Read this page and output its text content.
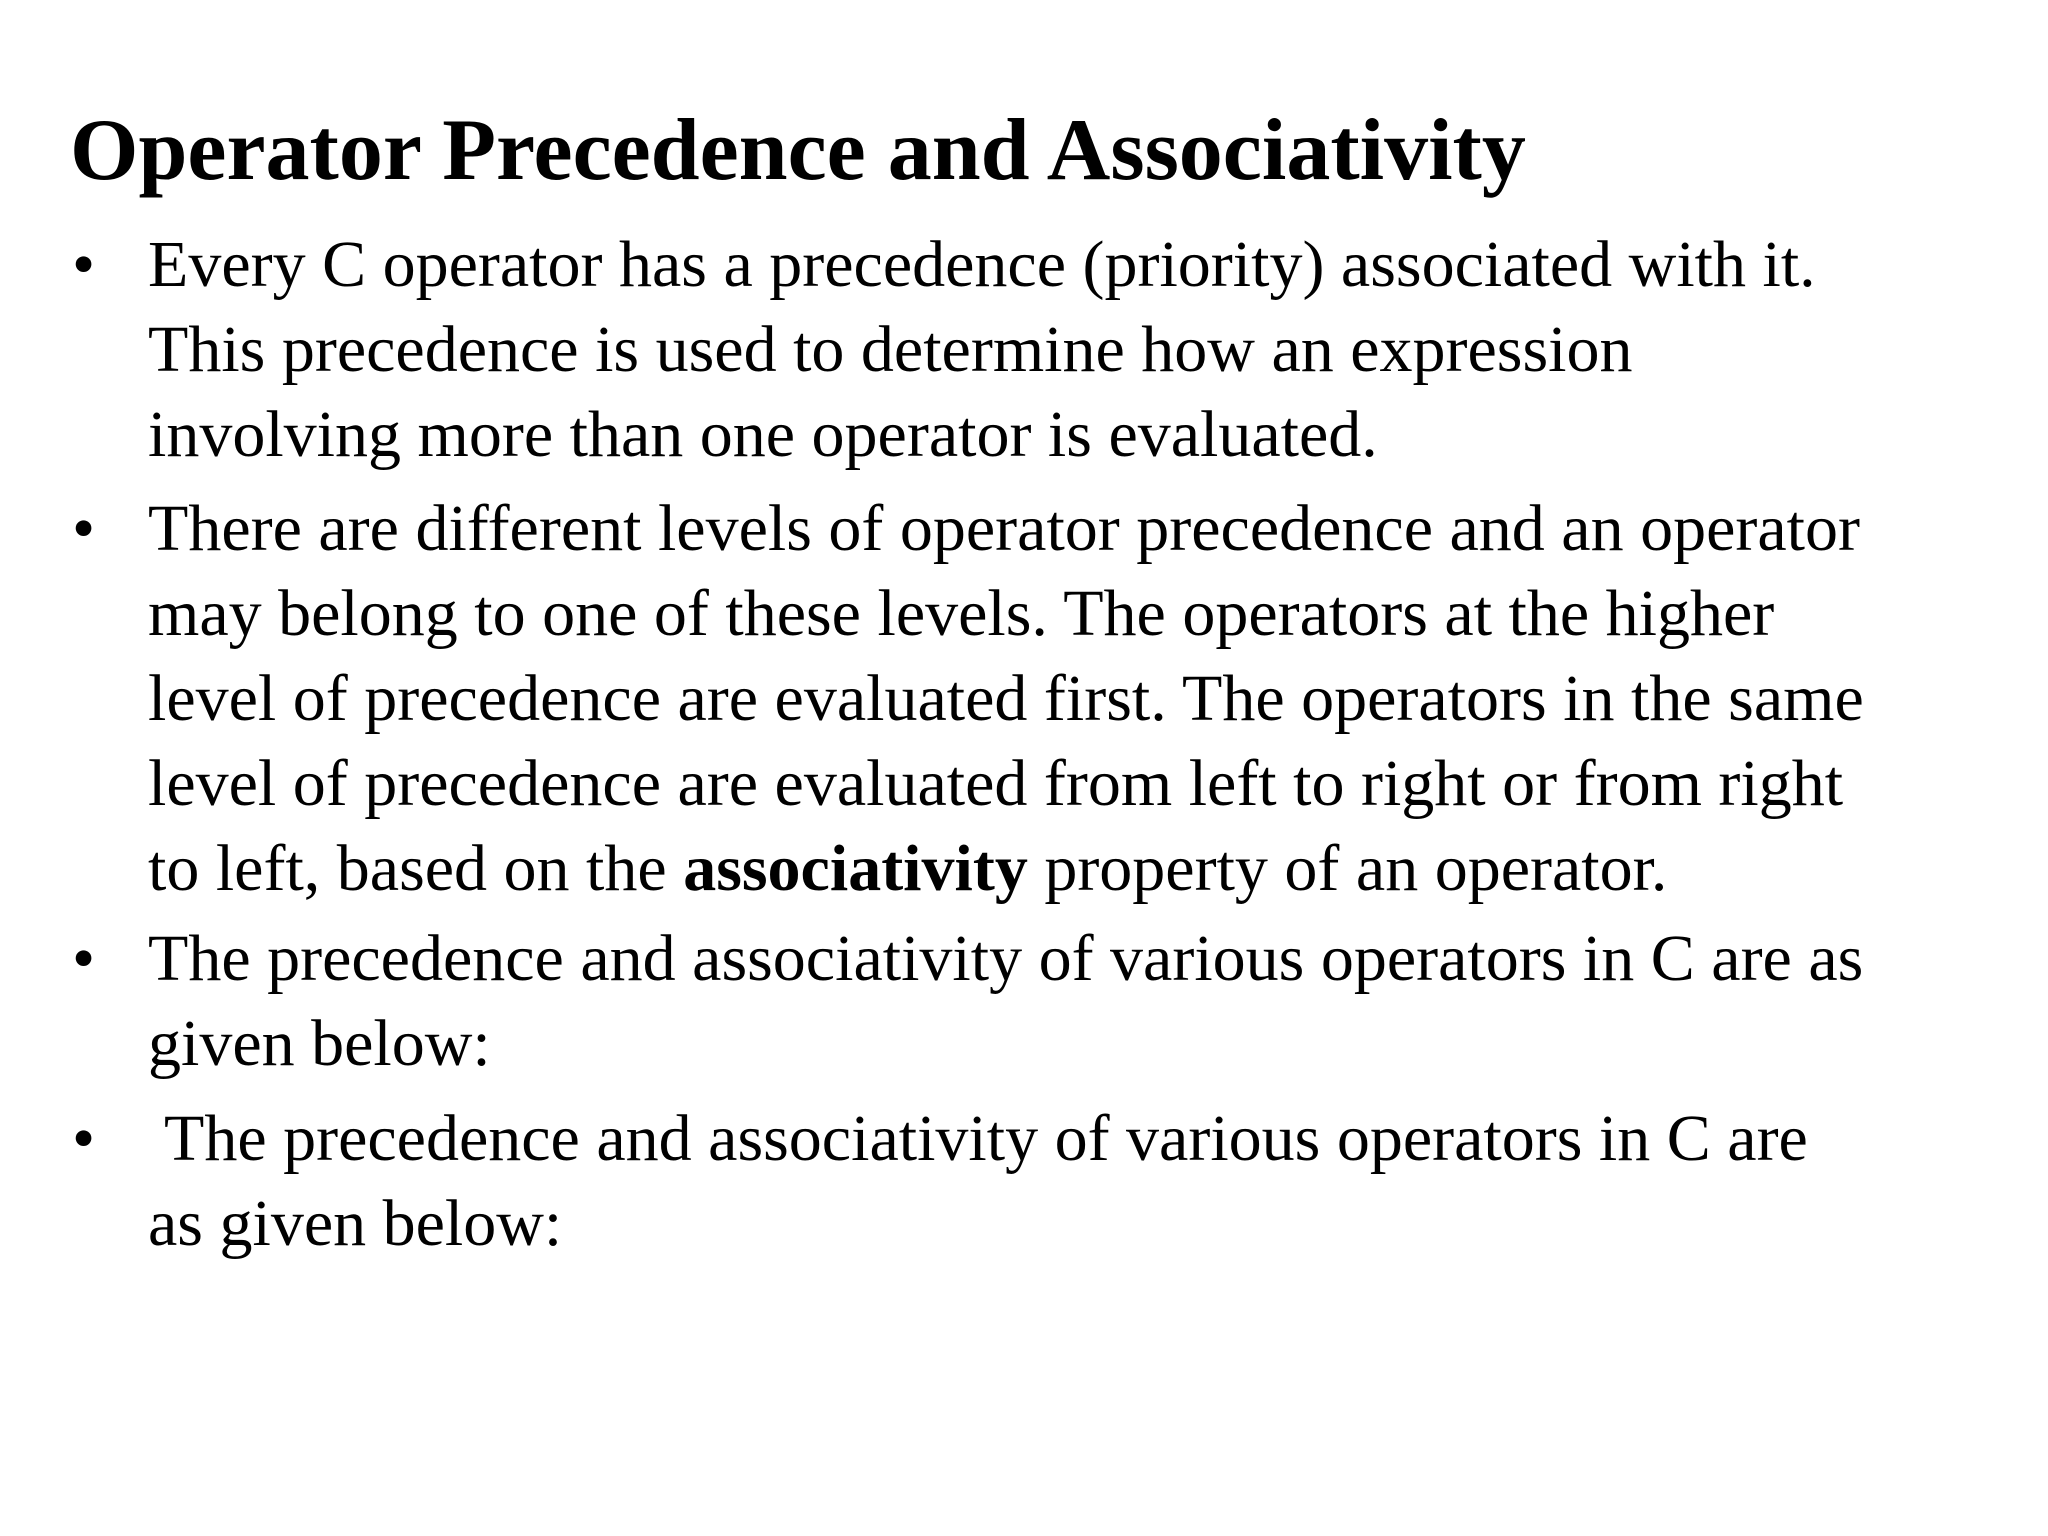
Operator Precedence and Associativity
• Every C operator has a precedence (priority) associated with it.
This precedence is used to determine how an expression
involving more than one operator is evaluated.
• There are different levels of operator precedence and an operator
may belong to one of these levels. The operators at the higher
level of precedence are evaluated first. The operators in the same
level of precedence are evaluated from left to right or from right
to left, based on the associativity property of an operator.
• The precedence and associativity of various operators in C are as
given below:
• The precedence and associativity of various operators in C are
as given below:
